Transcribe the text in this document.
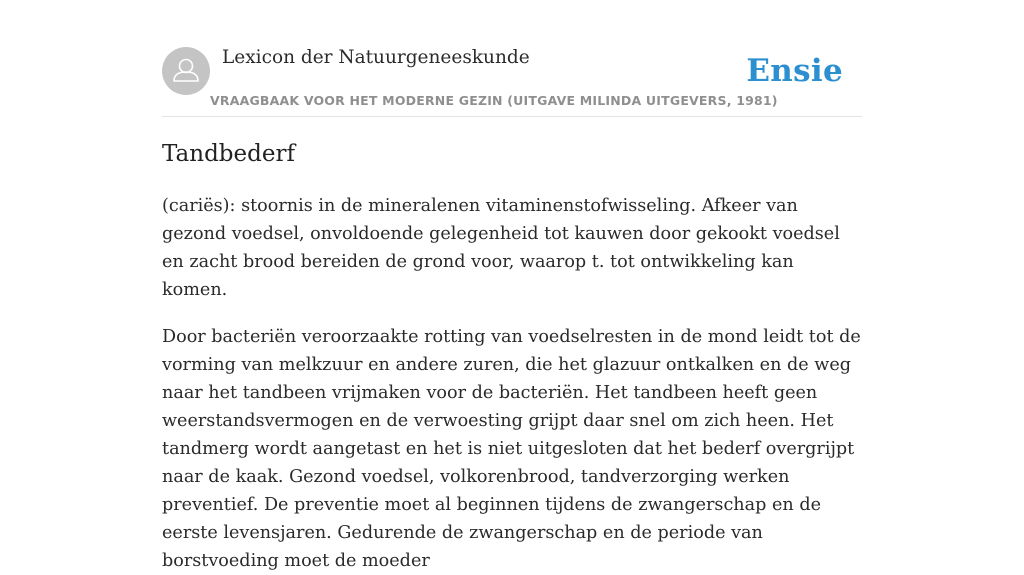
Lexicon der Natuurgeneeskunde
VRAAGBAAK VOOR HET MODERNE GEZIN (UITGAVE MILINDA UITGEVERS, 1981)
Ensie
Tandbederf

(cariës): stoornis in de mineralenen vitaminenstofwisseling. Afkeer van gezond voedsel, onvoldoende gelegenheid tot kauwen door gekookt voedsel en zacht brood bereiden de grond voor, waarop t. tot ontwikkeling kan komen.

Door bacteriën veroorzaakte rotting van voedselresten in de mond leidt tot de vorming van melkzuur en andere zuren, die het glazuur ontkalken en de weg naar het tandbeen vrijmaken voor de bacteriën. Het tandbeen heeft geen weerstandsvermogen en de verwoesting grijpt daar snel om zich heen. Het tandmerg wordt aangetast en het is niet uitgesloten dat het bederf overgrijpt naar de kaak. Gezond voedsel, volkorenbrood, tandverzorging werken preventief. De preventie moet al beginnen tijdens de zwangerschap en de eerste levensjaren. Gedurende de zwangerschap en de periode van borstvoeding moet de moeder
